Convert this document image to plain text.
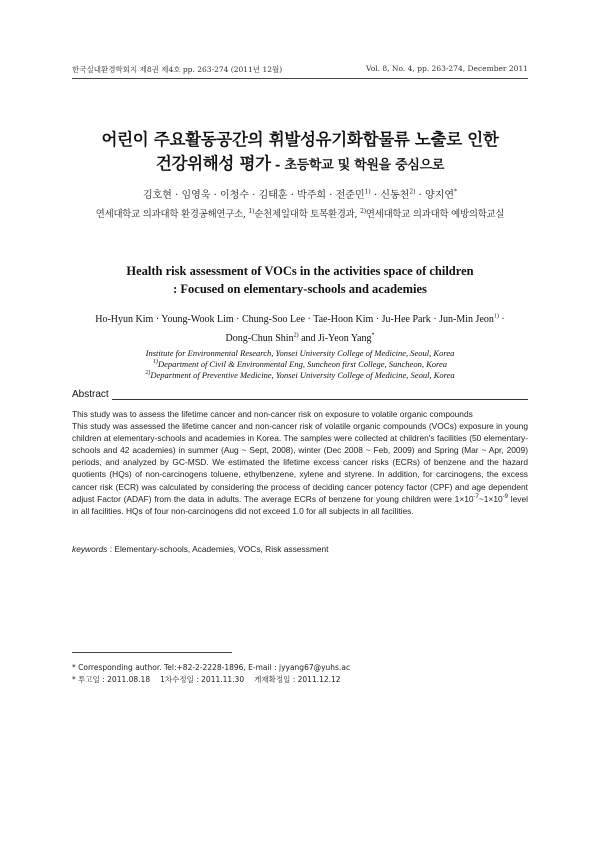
한국실내환경학회지 제8권 제4호 pp. 263-274 (2011년 12월)	Vol. 8, No. 4, pp. 263-274, December 2011
어린이 주요활동공간의 휘발성유기화합물류 노출로 인한
건강위해성 평가 - 초등학교 및 학원을 중심으로
김호현 · 임영욱 · 이청수 · 김태훈 · 박주희 · 전준민$^{1)}$ · 신동천$^{2)}$ · 양지연*
연세대학교 의과대학 환경공해연구소, $^{1)}$순천제일대학 토목환경과, $^{2)}$연세대학교 의과대학 예방의학교실
Health risk assessment of VOCs in the activities space of children
: Focused on elementary-schools and academies
Ho-Hyun Kim · Young-Wook Lim · Chung-Soo Lee · Tae-Hoon Kim · Ju-Hee Park · Jun-Min Jeon$^{1)}$ ·
Dong-Chun Shin$^{2)}$ and Ji-Yeon Yang*
Institute for Environmental Research, Yonsei University College of Medicine, Seoul, Korea
$^{1)}$Department of Civil & Environmental Eng, Suncheon first College, Suncheon, Korea
$^{2)}$Department of Preventive Medicine, Yonsei University College of Medicine, Seoul, Korea
Abstract

This study was to assess the lifetime cancer and non-cancer risk on exposure to volatile organic compounds

This study was assessed the lifetime cancer and non-cancer risk of volatile organic compounds (VOCs) exposure in young children at elementary-schools and academies in Korea. The samples were collected at children's facilities (50 elementary-schools and 42 academies) in summer (Aug ~ Sept, 2008), winter (Dec 2008 ~ Feb, 2009) and Spring (Mar ~ Apr, 2009) periods, and analyzed by GC-MSD. We estimated the lifetime excess cancer risks (ECRs) of benzene and the hazard quotients (HQs) of non-carcinogens toluene, ethylbenzene, xylene and styrene. In addition, for carcinogens, the excess cancer risk (ECR) was calculated by considering the process of deciding cancer potency factor (CPF) and age dependent adjust Factor (ADAF) from the data in adults. The average ECRs of benzene for young children were $1\times 10^{-7}\sim 1\times 10^{-9}$ level in all facilities. HQs of four non-carcinogens did not exceed 1.0 for all subjects in all facilities.

keywords : Elementary-schools, Academies, VOCs, Risk assessment
* Corresponding author. Tel:+82-2-2228-1896, E-mail : jyyang67@yuhs.ac
* 투고일 : 2011.08.18 1차수정일 : 2011.11.30 게재확정일 : 2011.12.12
